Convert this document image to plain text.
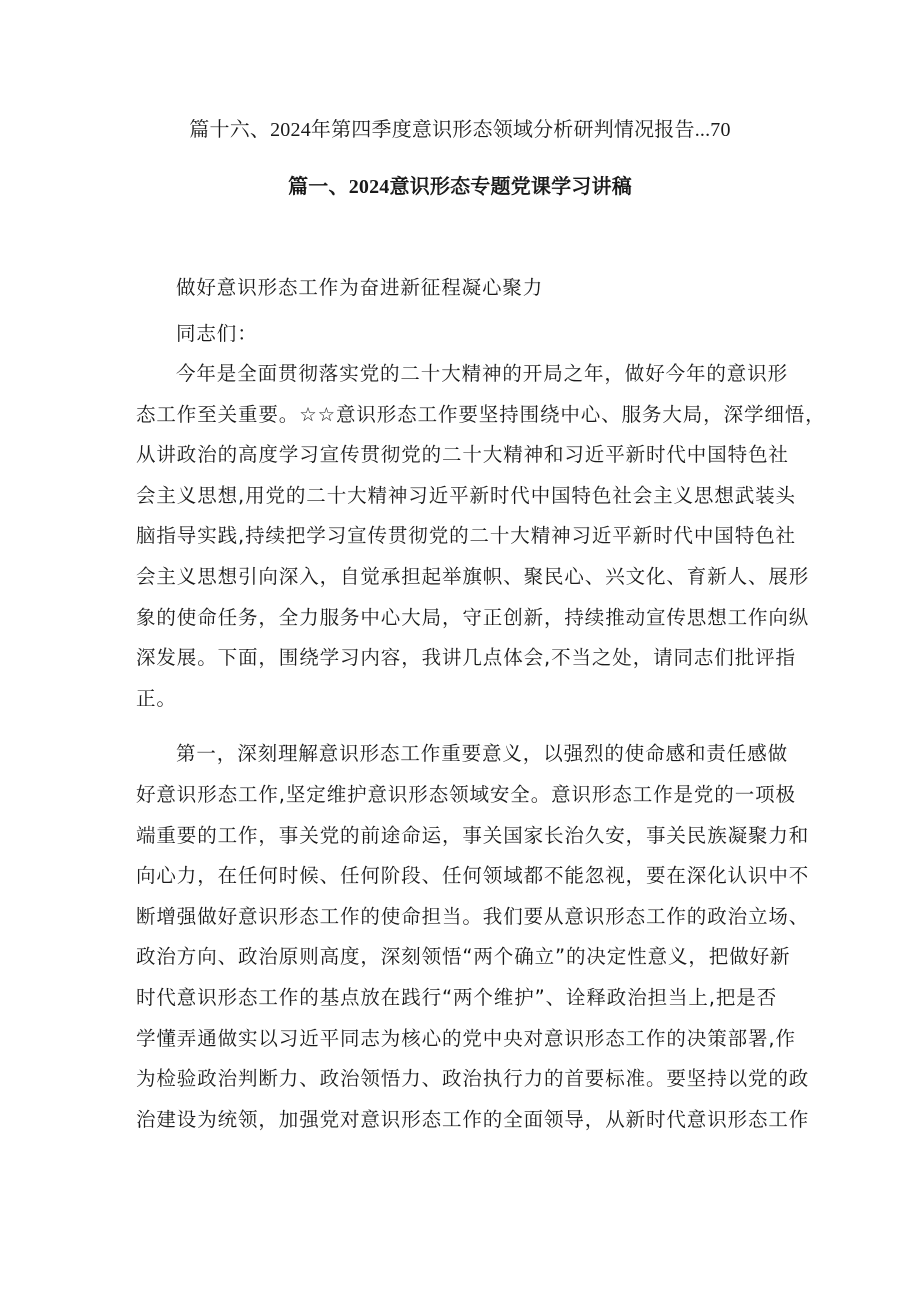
篇十六、2024年第四季度意识形态领域分析研判情况报告...70
篇一、2024意识形态专题党课学习讲稿
做好意识形态工作为奋进新征程凝心聚力
同志们：
今年是全面贯彻落实党的二十大精神的开局之年，做好今年的意识形
态工作至关重要。☆☆意识形态工作要坚持围绕中心、服务大局，深学细悟，
从讲政治的高度学习宣传贯彻党的二十大精神和习近平新时代中国特色社
会主义思想,用党的二十大精神习近平新时代中国特色社会主义思想武装头
脑指导实践,持续把学习宣传贯彻党的二十大精神习近平新时代中国特色社
会主义思想引向深入，自觉承担起举旗帜、聚民心、兴文化、育新人、展形
象的使命任务，全力服务中心大局，守正创新，持续推动宣传思想工作向纵
深发展。下面，围绕学习内容，我讲几点体会,不当之处，请同志们批评指
正。
第一，深刻理解意识形态工作重要意义，以强烈的使命感和责任感做
好意识形态工作,坚定维护意识形态领域安全。意识形态工作是党的一项极
端重要的工作，事关党的前途命运，事关国家长治久安，事关民族凝聚力和
向心力，在任何时候、任何阶段、任何领域都不能忽视，要在深化认识中不
断增强做好意识形态工作的使命担当。我们要从意识形态工作的政治立场、
政治方向、政治原则高度，深刻领悟“两个确立”的决定性意义，把做好新
时代意识形态工作的基点放在践行“两个维护”、诠释政治担当上,把是否
学懂弄通做实以习近平同志为核心的党中央对意识形态工作的决策部署,作
为检验政治判断力、政治领悟力、政治执行力的首要标准。要坚持以党的政
治建设为统领，加强党对意识形态工作的全面领导，从新时代意识形态工作
